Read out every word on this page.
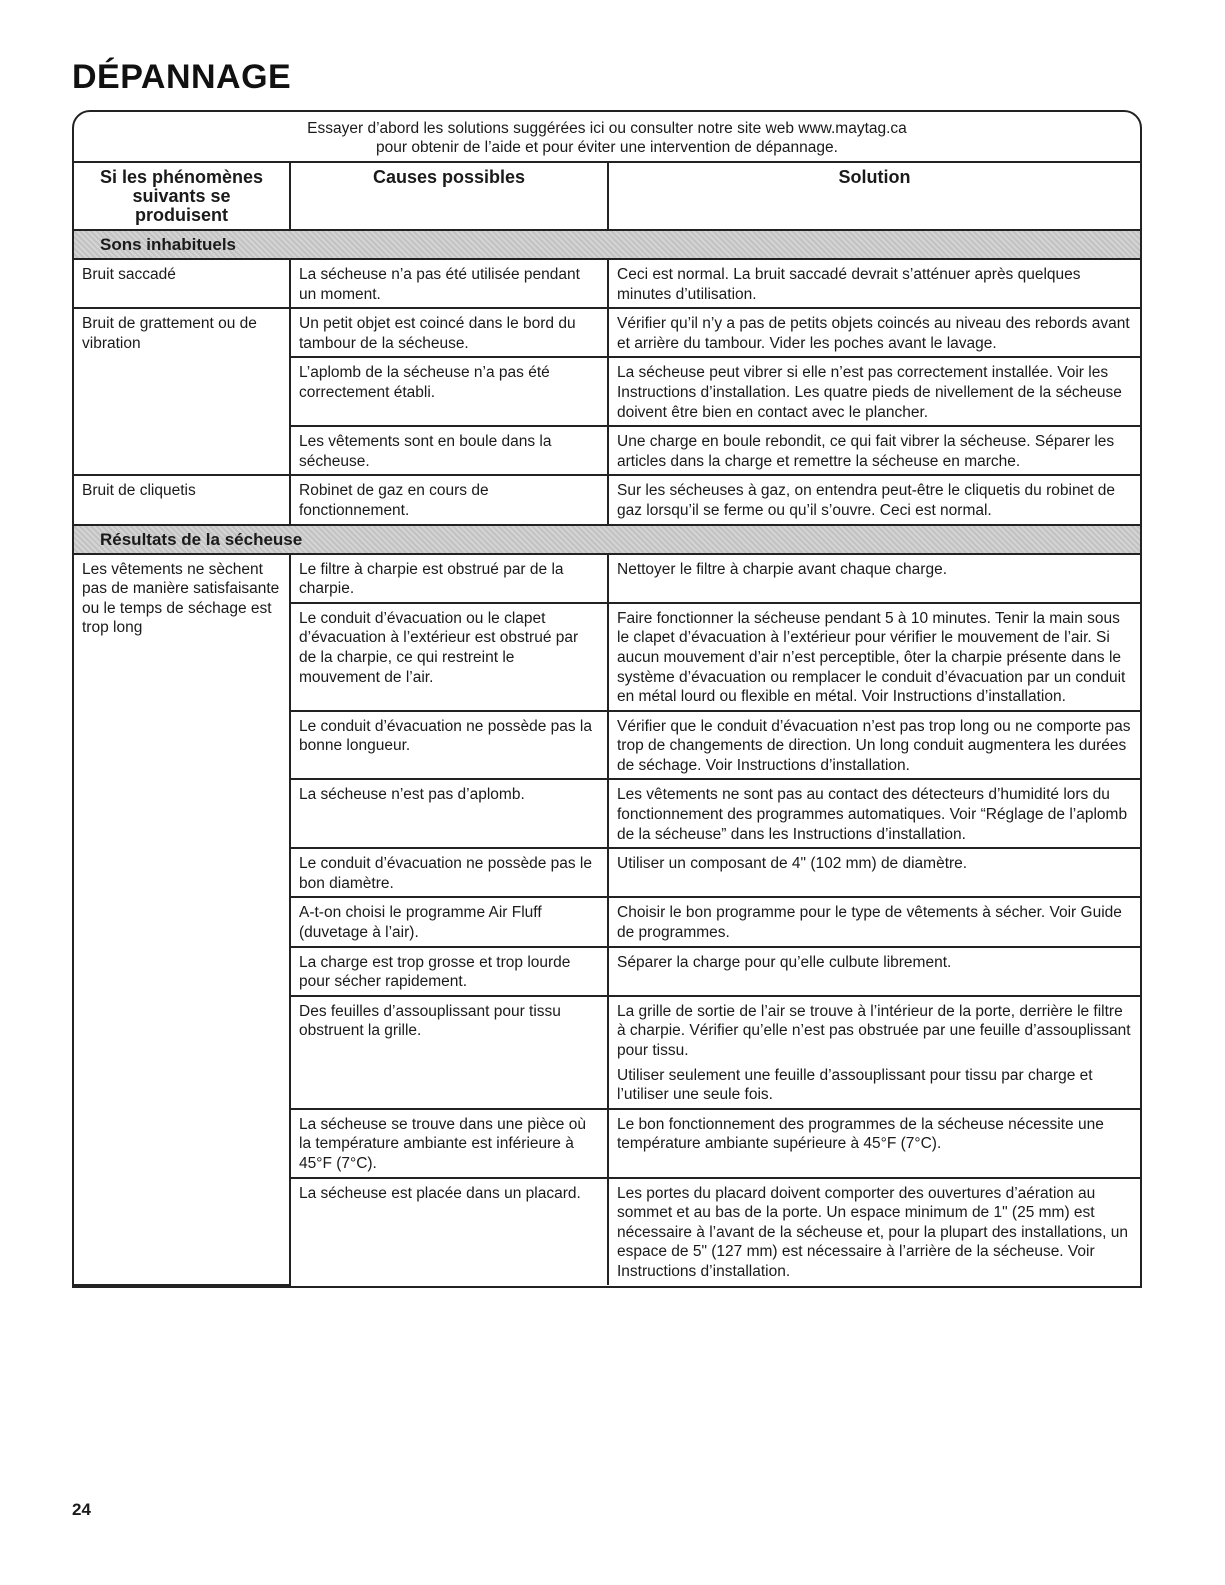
DÉPANNAGE
Essayer d’abord les solutions suggérées ici ou consulter notre site web www.maytag.ca
pour obtenir de l’aide et pour éviter une intervention de dépannage.
Si les phénomènes suivants se produisent	Causes possibles	Solution
Sons inhabituels		
Bruit saccadé	La sécheuse n’a pas été utilisée pendant un moment.	Ceci est normal. La bruit saccadé devrait s’atténuer après quelques minutes d’utilisation.

Bruit de grattement ou de vibration	Un petit objet est coincé dans le bord du tambour de la sécheuse.	Vérifier qu’il n’y a pas de petits objets coincés au niveau des rebords avant et arrière du tambour. Vider les poches avant le lavage.

	L’aplomb de la sécheuse n’a pas été correctement établi.	La sécheuse peut vibrer si elle n’est pas correctement installée. Voir les Instructions d’installation. Les quatre pieds de nivellement de la sécheuse doivent être bien en contact avec le plancher.

	Les vêtements sont en boule dans la sécheuse.	Une charge en boule rebondit, ce qui fait vibrer la sécheuse. Séparer les articles dans la charge et remettre la sécheuse en marche.

Bruit de cliquetis	Robinet de gaz en cours de fonctionnement.	Sur les sécheuses à gaz, on entendra peut-être le cliquetis du robinet de gaz lorsqu’il se ferme ou qu’il s’ouvre. Ceci est normal.

Résultats de la sécheuse		
Les vêtements ne sèchent pas de manière satisfaisante ou le temps de séchage est trop long	Le filtre à charpie est obstrué par de la charpie.	Nettoyer le filtre à charpie avant chaque charge.

	Le conduit d’évacuation ou le clapet d’évacuation à l’extérieur est obstrué par de la charpie, ce qui restreint le mouvement de l’air.	Faire fonctionner la sécheuse pendant 5 à 10 minutes. Tenir la main sous le clapet d’évacuation à l’extérieur pour vérifier le mouvement de l’air. Si aucun mouvement d’air n’est perceptible, ôter la charpie présente dans le système d’évacuation ou remplacer le conduit d’évacuation par un conduit en métal lourd ou flexible en métal. Voir Instructions d’installation.

	Le conduit d’évacuation ne possède pas la bonne longueur.	Vérifier que le conduit d’évacuation n’est pas trop long ou ne comporte pas trop de changements de direction. Un long conduit augmentera les durées de séchage. Voir Instructions d’installation.

	La sécheuse n’est pas d’aplomb.	Les vêtements ne sont pas au contact des détecteurs d’humidité lors du fonctionnement des programmes automatiques. Voir “Réglage de l’aplomb de la sécheuse” dans les Instructions d’installation.

	Le conduit d’évacuation ne possède pas le bon diamètre.	Utiliser un composant de 4" (102 mm) de diamètre.

	A-t-on choisi le programme Air Fluff (duvetage à l’air).	Choisir le bon programme pour le type de vêtements à sécher. Voir Guide de programmes.

	La charge est trop grosse et trop lourde pour sécher rapidement.	Séparer la charge pour qu’elle culbute librement.

	Des feuilles d’assouplissant pour tissu obstruent la grille.	La grille de sortie de l’air se trouve à l’intérieur de la porte, derrière le filtre à charpie. Vérifier qu’elle n’est pas obstruée par une feuille d’assouplissant pour tissu.

Utiliser seulement une feuille d’assouplissant pour tissu par charge et l’utiliser une seule fois.

	La sécheuse se trouve dans une pièce où la température ambiante est inférieure à 45°F (7°C).	Le bon fonctionnement des programmes de la sécheuse nécessite une température ambiante supérieure à 45°F (7°C).

	La sécheuse est placée dans un placard.	Les portes du placard doivent comporter des ouvertures d’aération au sommet et au bas de la porte. Un espace minimum de 1" (25 mm) est nécessaire à l’avant de la sécheuse et, pour la plupart des installations, un espace de 5" (127 mm) est nécessaire à l’arrière de la sécheuse. Voir Instructions d’installation.

24
